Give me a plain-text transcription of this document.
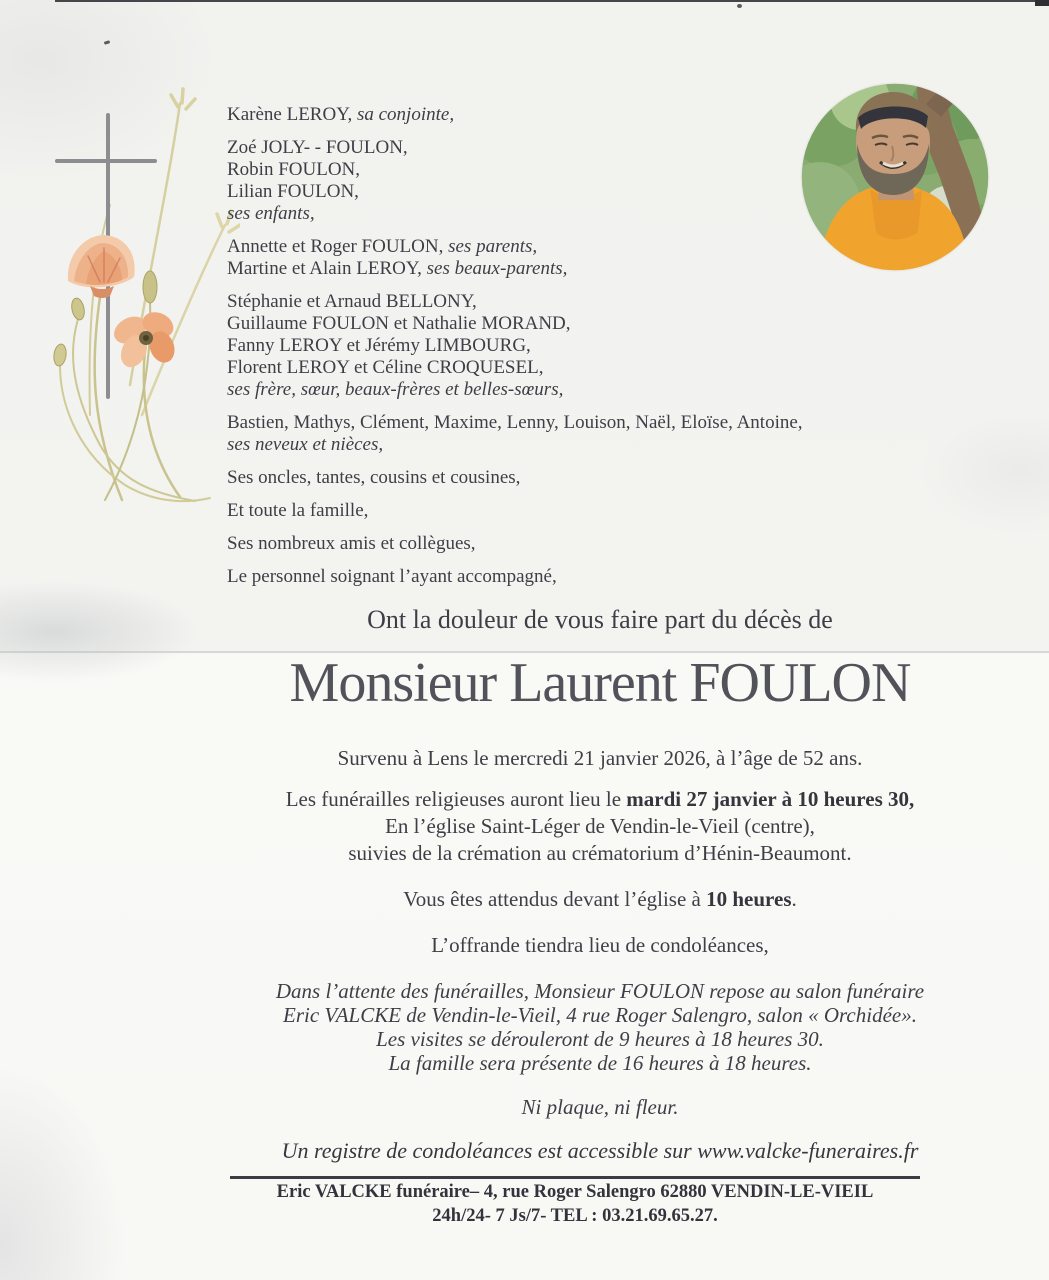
Karène LEROY, sa conjointe,

Zoé JOLY- - FOULON,
Robin FOULON,
Lilian FOULON,
ses enfants,

Annette et Roger FOULON, ses parents,
Martine et Alain LEROY, ses beaux-parents,

Stéphanie et Arnaud BELLONY,
Guillaume FOULON et Nathalie MORAND,
Fanny LEROY et Jérémy LIMBOURG,
Florent LEROY et Céline CROQUESEL,
ses frère, sœur, beaux-frères et belles-sœurs,

Bastien, Mathys, Clément, Maxime, Lenny, Louison, Naël, Eloïse, Antoine,
ses neveux et nièces,

Ses oncles, tantes, cousins et cousines,

Et toute la famille,

Ses nombreux amis et collègues,

Le personnel soignant l’ayant accompagné,

Ont la douleur de vous faire part du décès de

Monsieur Laurent FOULON

Survenu à Lens le mercredi 21 janvier 2026, à l’âge de 52 ans.

Les funérailles religieuses auront lieu le mardi 27 janvier à 10 heures 30,
En l’église Saint-Léger de Vendin-le-Vieil (centre),
suivies de la crémation au crématorium d’Hénin-Beaumont.

Vous êtes attendus devant l’église à 10 heures.

L’offrande tiendra lieu de condoléances,

Dans l’attente des funérailles, Monsieur FOULON repose au salon funéraire
Eric VALCKE de Vendin-le-Vieil, 4 rue Roger Salengro, salon « Orchidée».
Les visites se dérouleront de 9 heures à 18 heures 30.
La famille sera présente de 16 heures à 18 heures.

Ni plaque, ni fleur.

Un registre de condoléances est accessible sur www.valcke-funeraires.fr

Eric VALCKE funéraire– 4, rue Roger Salengro 62880 VENDIN-LE-VIEIL

24h/24- 7 Js/7- TEL : 03.21.69.65.27.
